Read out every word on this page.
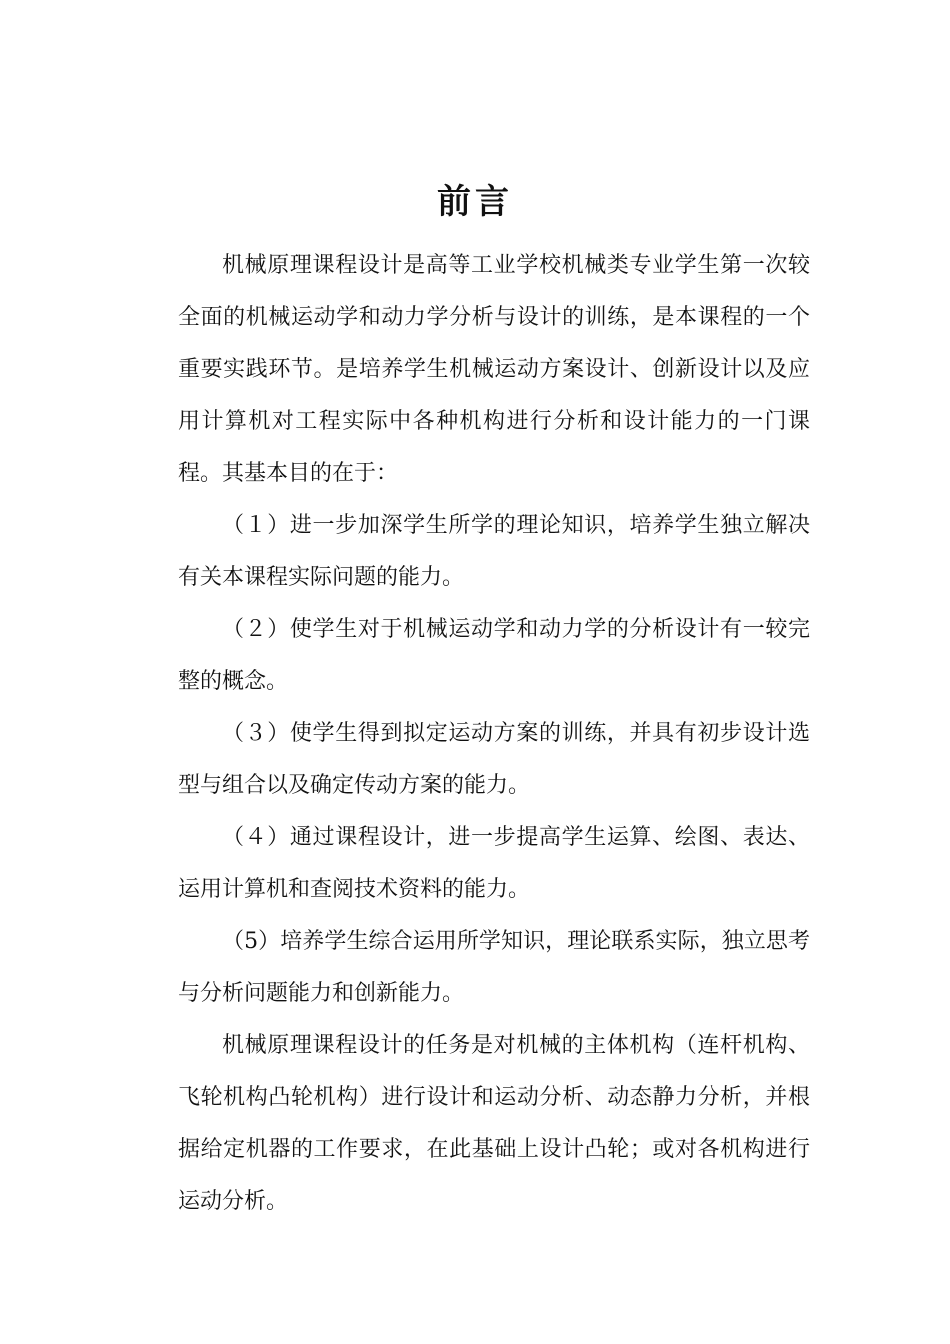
前言

机械原理课程设计是高等工业学校机械类专业学生第一次较全面的机械运动学和动力学分析与设计的训练，是本课程的一个重要实践环节。是培养学生机械运动方案设计、创新设计以及应用计算机对工程实际中各种机构进行分析和设计能力的一门课程。其基本目的在于：

（１）进一步加深学生所学的理论知识，培养学生独立解决有关本课程实际问题的能力。

（２）使学生对于机械运动学和动力学的分析设计有一较完整的概念。

（３）使学生得到拟定运动方案的训练，并具有初步设计选型与组合以及确定传动方案的能力。

（４）通过课程设计，进一步提高学生运算、绘图、表达、运用计算机和查阅技术资料的能力。

（5）培养学生综合运用所学知识，理论联系实际，独立思考与分析问题能力和创新能力。

机械原理课程设计的任务是对机械的主体机构（连杆机构、飞轮机构凸轮机构）进行设计和运动分析、动态静力分析，并根据给定机器的工作要求，在此基础上设计凸轮；或对各机构进行运动分析。
